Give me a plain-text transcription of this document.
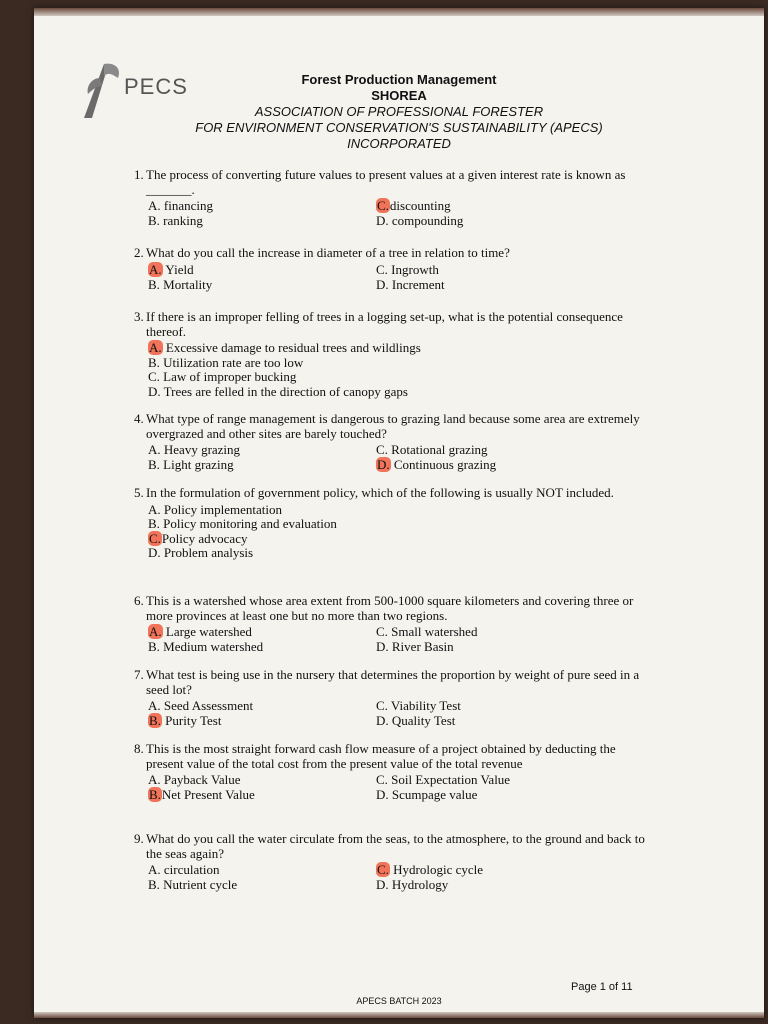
PECS	Forest Production Management
SHOREA
ASSOCIATION OF PROFESSIONAL FORESTER
FOR ENVIRONMENT CONSERVATION'S SUSTAINABILITY (APECS)
INCORPORATED
1. The process of converting future values to present values at a given interest rate is known as _______.
A. financing
B. ranking
C.discounting
D. compounding
2. What do you call the increase in diameter of a tree in relation to time?
A. Yield
B. Mortality
C. Ingrowth
D. Increment
3. If there is an improper felling of trees in a logging set-up, what is the potential consequence thereof.
A. Excessive damage to residual trees and wildlings
B. Utilization rate are too low
C. Law of improper bucking
D. Trees are felled in the direction of canopy gaps
4. What type of range management is dangerous to grazing land because some area are extremely overgrazed and other sites are barely touched?
A. Heavy grazing
B. Light grazing
C. Rotational grazing
D. Continuous grazing
5. In the formulation of government policy, which of the following is usually NOT included.
A. Policy implementation
B. Policy monitoring and evaluation
C.Policy advocacy
D. Problem analysis
6. This is a watershed whose area extent from 500-1000 square kilometers and covering three or more provinces at least one but no more than two regions.
A. Large watershed
B. Medium watershed
C. Small watershed
D. River Basin
7. What test is being use in the nursery that determines the proportion by weight of pure seed in a seed lot?
A. Seed Assessment
B. Purity Test
C. Viability Test
D. Quality Test
8. This is the most straight forward cash flow measure of a project obtained by deducting the present value of the total cost from the present value of the total revenue
A. Payback Value
B.Net Present Value
C. Soil Expectation Value
D. Scumpage value
9. What do you call the water circulate from the seas, to the atmosphere, to the ground and back to the seas again?
A. circulation
B. Nutrient cycle
C. Hydrologic cycle
D. Hydrology
Page 1 of 11
APECS BATCH 2023
